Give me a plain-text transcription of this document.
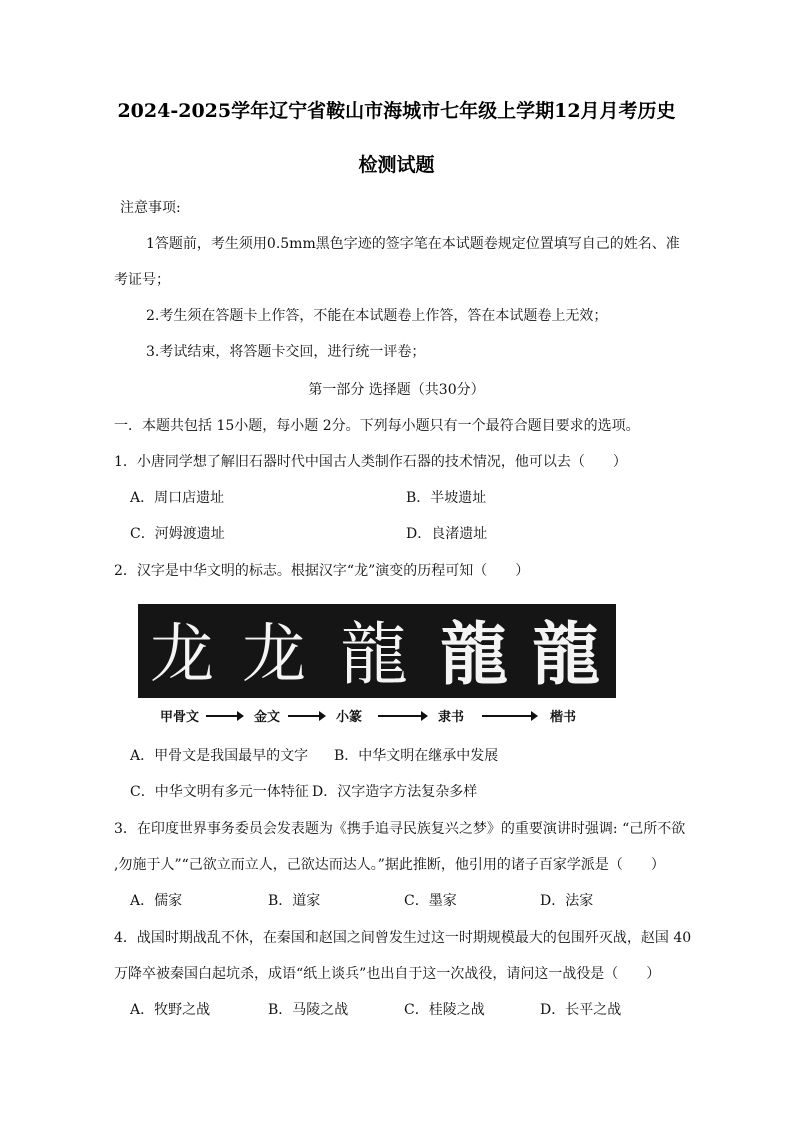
2024-2025学年辽宁省鞍山市海城市七年级上学期12月月考历史
检测试题
注意事项:
1答题前，考生须用0.5mm黑色字迹的签字笔在本试题卷规定位置填写自己的姓名、准
考证号；
2.考生须在答题卡上作答，不能在本试题卷上作答，答在本试题卷上无效；
3.考试结束，将答题卡交回，进行统一评卷；
第一部分 选择题（共30分）
一．本题共包括 15小题，每小题 2分。下列每小题只有一个最符合题目要求的选项。
1．小唐同学想了解旧石器时代中国古人类制作石器的技术情况，他可以去（　　）
A．周口店遗址	B．半坡遗址
C．河姆渡遗址	D．良渚遗址
2．汉字是中华文明的标志。根据汉字“龙”演变的历程可知（　　）
龙 龙 龍 龍 龍
甲骨文	金文	小篆	隶书	楷书
A．甲骨文是我国最早的文字 B．中华文明在继承中发展
C．中华文明有多元一体特征 D．汉字造字方法复杂多样
3．在印度世界事务委员会发表题为《携手追寻民族复兴之梦》的重要演讲时强调: “己所不欲
,勿施于人”“己欲立而立人，己欲达而达人。”据此推断，他引用的诸子百家学派是（　　）
A．儒家	B．道家	C．墨家	D．法家
4．战国时期战乱不休，在秦国和赵国之间曾发生过这一时期规模最大的包围歼灭战，赵国 40
万降卒被秦国白起坑杀，成语“纸上谈兵”也出自于这一次战役，请问这一战役是（　　）
A．牧野之战	B．马陵之战	C．桂陵之战	D．长平之战
